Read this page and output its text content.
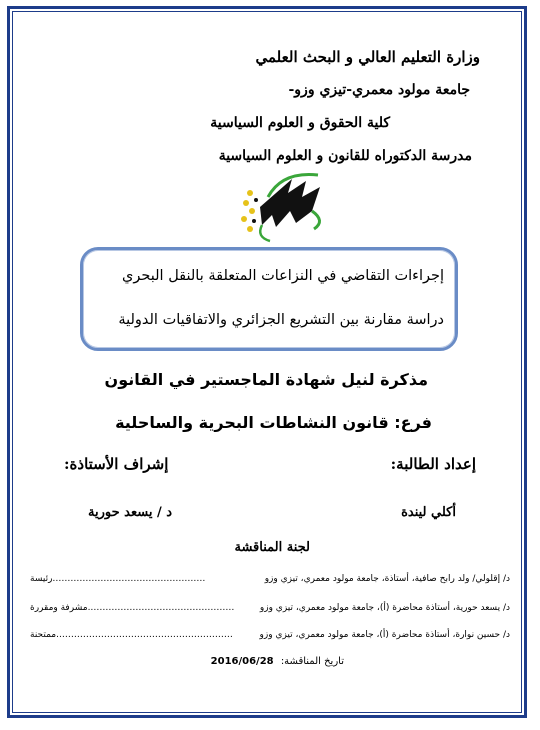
وزارة التعليم العالي و البحث العلمي
جامعة مولود معمري-تيزي وزو-
كلية الحقوق و العلوم السياسية
مدرسة الدكتوراه للقانون و العلوم السياسية
إجراءات التقاضي في النزاعات المتعلقة بالنقل البحري
دراسة مقارنة بين التشريع الجزائري والاتفاقيات الدولية
مذكرة لنيل شهادة الماجستير في القانون
فرع: قانون النشاطات البحرية والساحلية
إعداد الطالبة:
إشراف الأستاذة:
أكلي ليندة
د / يسعد حورية
لجنة المناقشة
د/ إقلولي/ ولد رابح صافية، أستاذة، جامعة مولود معمري، تيزي وزو
……………………………………………رئيسة
د/ يسعد حورية، أستاذة محاضرة (أ)، جامعة مولود معمري، تيزي وزو
………………………………………….مشرفة ومقررة
د/ حسين نوارة، أستاذة محاضرة (أ)، جامعة مولود معمري، تيزي وزو
…………………………………………………..ممتحنة
تاريخ المناقشة: 2016/06/28
